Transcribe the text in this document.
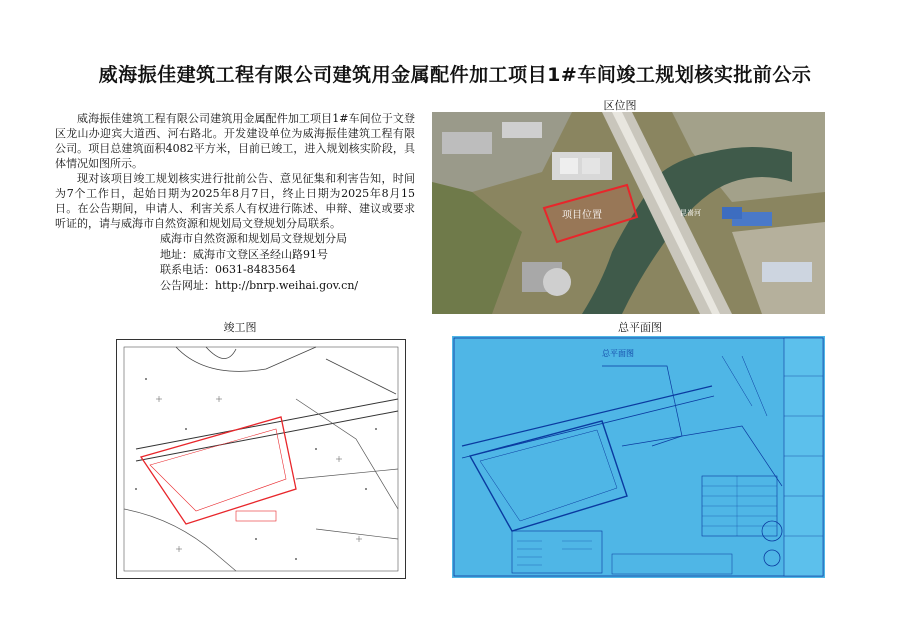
威海振佳建筑工程有限公司建筑用金属配件加工项目1#车间竣工规划核实批前公示

威海振佳建筑工程有限公司建筑用金属配件加工项目1#车间位于文登区龙山办迎宾大道西、河右路北。开发建设单位为威海振佳建筑工程有限公司。项目总建筑面积4082平方米，目前已竣工，进入规划核实阶段，具体情况如图所示。

现对该项目竣工规划核实进行批前公告、意见征集和利害告知，时间为7个工作日，起始日期为2025年8月7日，终止日期为2025年8月15日。在公告期间，申请人、利害关系人有权进行陈述、申辩、建议或要求听证的，请与威海市自然资源和规划局文登规划分局联系。

威海市自然资源和规划局文登规划分局
地址：威海市文登区圣经山路91号
联系电话：0631-8483564
公告网址：http://bnrp.weihai.gov.cn/
区位图
竣工图	总平面图
项目位置	昆嵛河
总平面图
